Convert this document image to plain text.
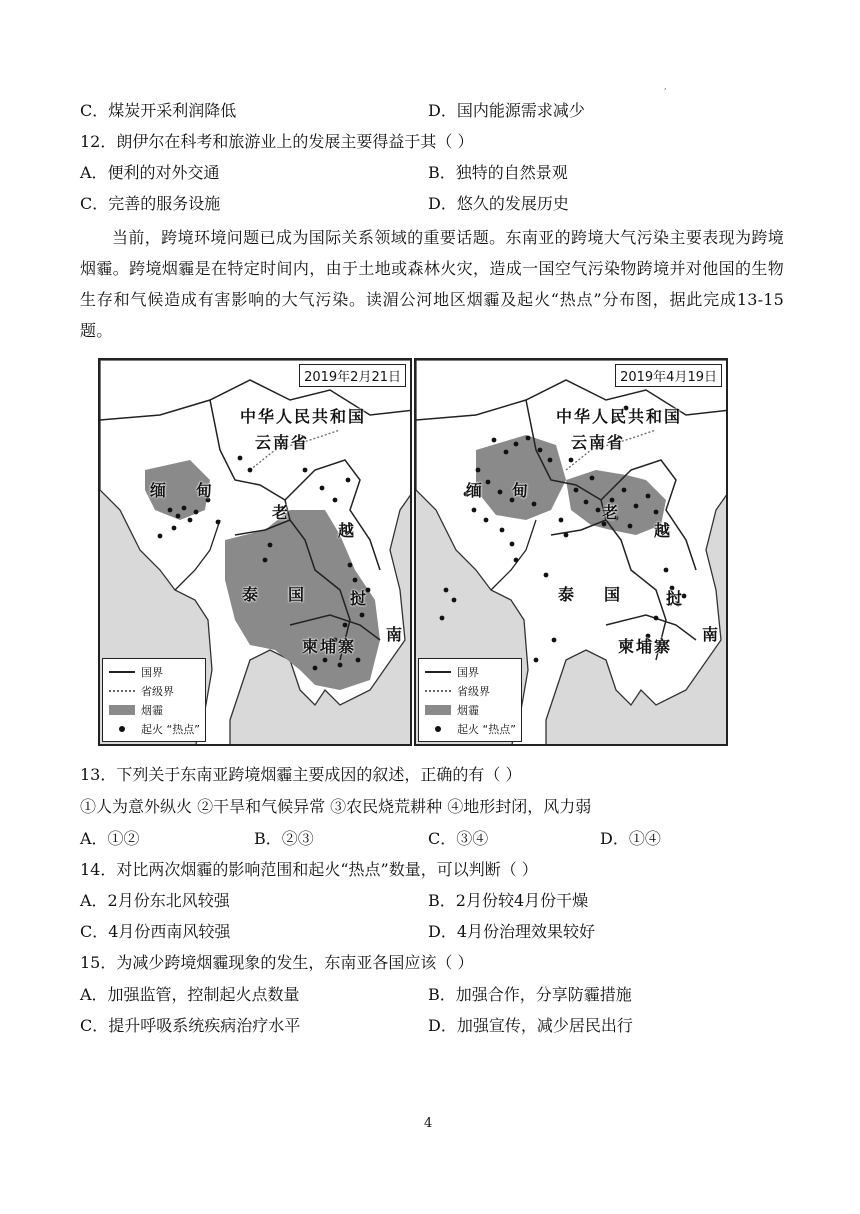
,
C．煤炭开采利润降低	D．国内能源需求减少
12．朗伊尔在科考和旅游业上的发展主要得益于其（ ）
A．便利的对外交通	B．独特的自然景观
C．完善的服务设施	D．悠久的发展历史

当前，跨境环境问题已成为国际关系领域的重要话题。东南亚的跨境大气污染主要表现为跨境烟霾。跨境烟霾是在特定时间内，由于土地或森林火灾，造成一国空气污染物跨境并对他国的生物生存和气候造成有害影响的大气污染。读湄公河地区烟霾及起火“热点”分布图，据此完成13-15题。

2019年2月21日
中华人民共和国
云南省
缅 甸
老
越
泰 国	挝
柬埔寨
南
国界
省级界
烟霾
起火 “热点”
2019年4月19日
中华人民共和国
云南省
缅 甸
老
越
泰 国	挝
柬埔寨
南
国界
省级界
烟霾
起火 “热点”
13．下列关于东南亚跨境烟霾主要成因的叙述，正确的有（ ）
①人为意外纵火 ②干旱和气候异常 ③农民烧荒耕种 ④地形封闭，风力弱
A．①②	B．②③	C．③④	D．①④
14．对比两次烟霾的影响范围和起火“热点”数量，可以判断（ ）
A．2月份东北风较强	B．2月份较4月份干燥
C．4月份西南风较强	D．4月份治理效果较好
15．为减少跨境烟霾现象的发生，东南亚各国应该（ ）
A．加强监管，控制起火点数量	B．加强合作，分享防霾措施
C．提升呼吸系统疾病治疗水平	D．加强宣传，减少居民出行
4
